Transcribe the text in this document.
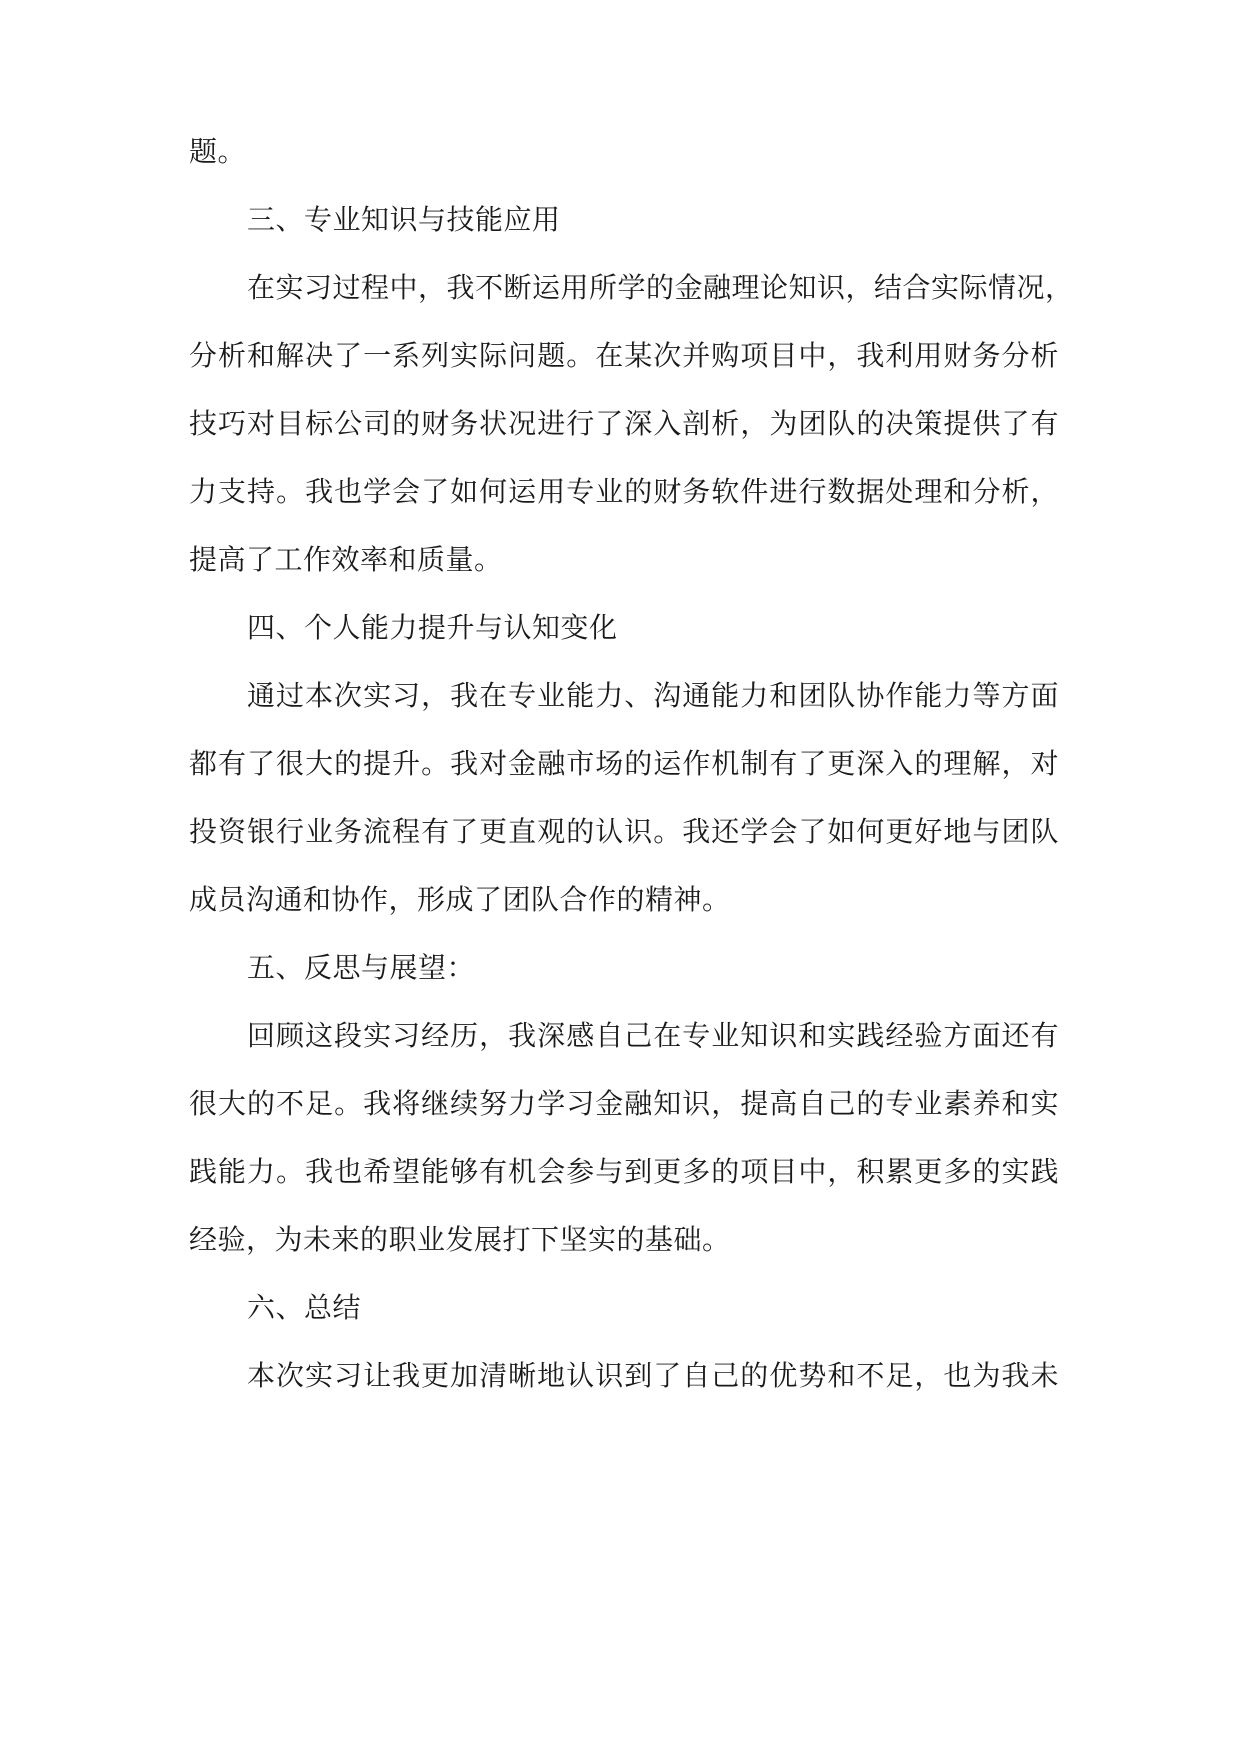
题。
三、专业知识与技能应用
在实习过程中，我不断运用所学的金融理论知识，结合实际情况，
分析和解决了一系列实际问题。在某次并购项目中，我利用财务分析
技巧对目标公司的财务状况进行了深入剖析，为团队的决策提供了有
力支持。我也学会了如何运用专业的财务软件进行数据处理和分析，
提高了工作效率和质量。
四、个人能力提升与认知变化
通过本次实习，我在专业能力、沟通能力和团队协作能力等方面
都有了很大的提升。我对金融市场的运作机制有了更深入的理解，对
投资银行业务流程有了更直观的认识。我还学会了如何更好地与团队
成员沟通和协作，形成了团队合作的精神。
五、反思与展望：
回顾这段实习经历，我深感自己在专业知识和实践经验方面还有
很大的不足。我将继续努力学习金融知识，提高自己的专业素养和实
践能力。我也希望能够有机会参与到更多的项目中，积累更多的实践
经验，为未来的职业发展打下坚实的基础。
六、总结
本次实习让我更加清晰地认识到了自己的优势和不足，也为我未
